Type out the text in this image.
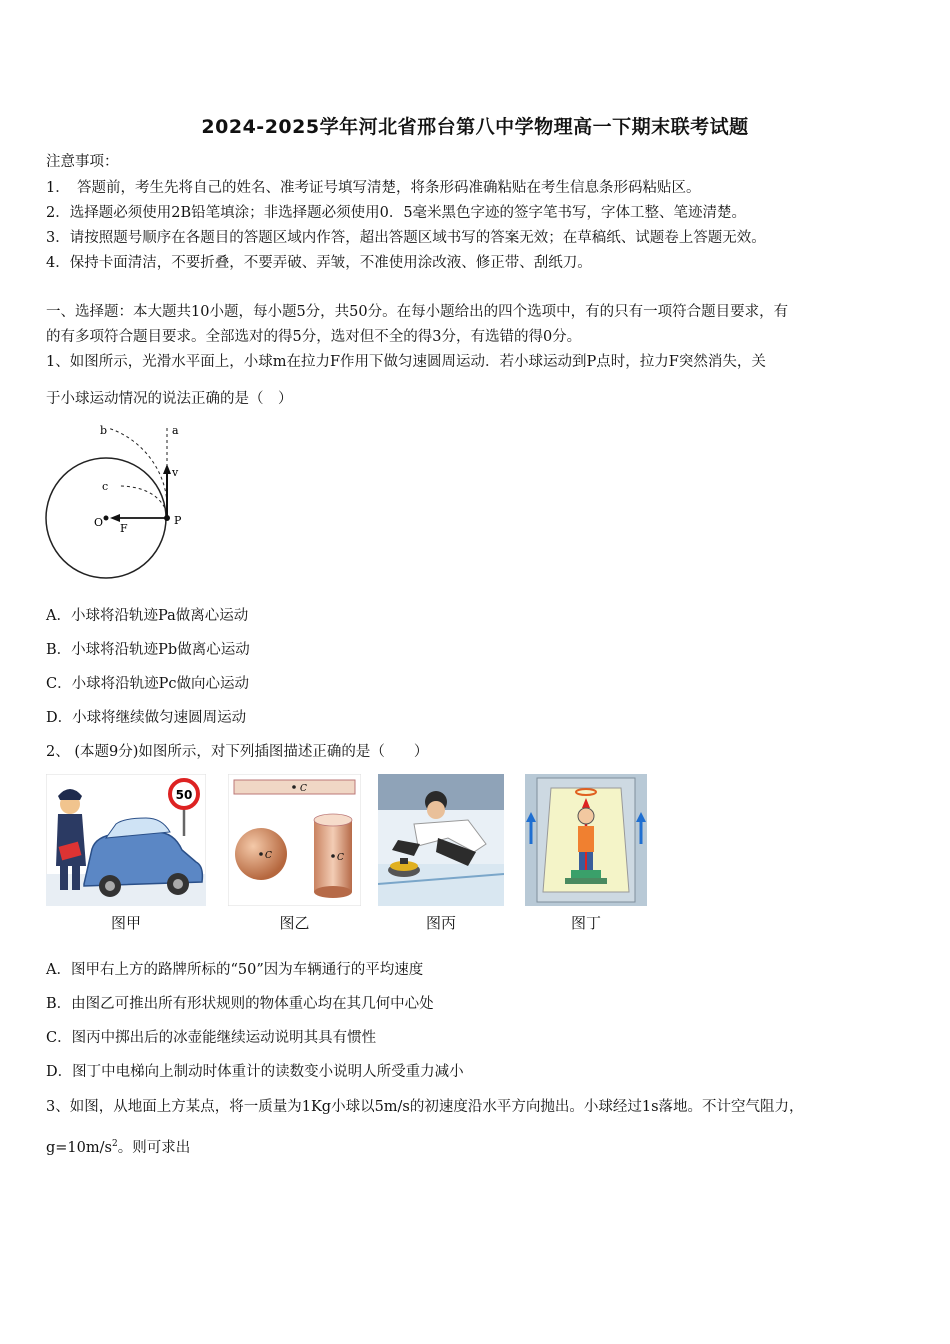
2024-2025学年河北省邢台第八中学物理高一下期末联考试题
注意事项：
1．　答题前，考生先将自己的姓名、准考证号填写清楚，将条形码准确粘贴在考生信息条形码粘贴区。
2．选择题必须使用2B铅笔填涂；非选择题必须使用0．5毫米黑色字迹的签字笔书写，字体工整、笔迹清楚。
3．请按照题号顺序在各题目的答题区域内作答，超出答题区域书写的答案无效；在草稿纸、试题卷上答题无效。
4．保持卡面清洁，不要折叠，不要弄破、弄皱，不准使用涂改液、修正带、刮纸刀。
一、选择题：本大题共10小题，每小题5分，共50分。在每小题给出的四个选项中，有的只有一项符合题目要求，有
的有多项符合题目要求。全部选对的得5分，选对但不全的得3分，有选错的得0分。
1、如图所示，光滑水平面上，小球m在拉力F作用下做匀速圆周运动．若小球运动到P点时，拉力F突然消失，关
于小球运动情况的说法正确的是（　）
a
b
c
v
O F
P
A．小球将沿轨迹Pa做离心运动
B．小球将沿轨迹Pb做离心运动
C．小球将沿轨迹Pc做向心运动
D．小球将继续做匀速圆周运动
2、 (本题9分)如图所示，对下列插图描述正确的是（　　）
50
图甲
C
C	C
图乙	图丙	图丁
A．图甲右上方的路牌所标的“50”因为车辆通行的平均速度
B．由图乙可推出所有形状规则的物体重心均在其几何中心处
C．图丙中掷出后的冰壶能继续运动说明其具有惯性
D．图丁中电梯向上制动时体重计的读数变小说明人所受重力减小
3、如图，从地面上方某点，将一质量为1Kg小球以5m/s的初速度沿水平方向抛出。小球经过1s落地。不计空气阻力，
$g=10m/s^2$。则可求出
